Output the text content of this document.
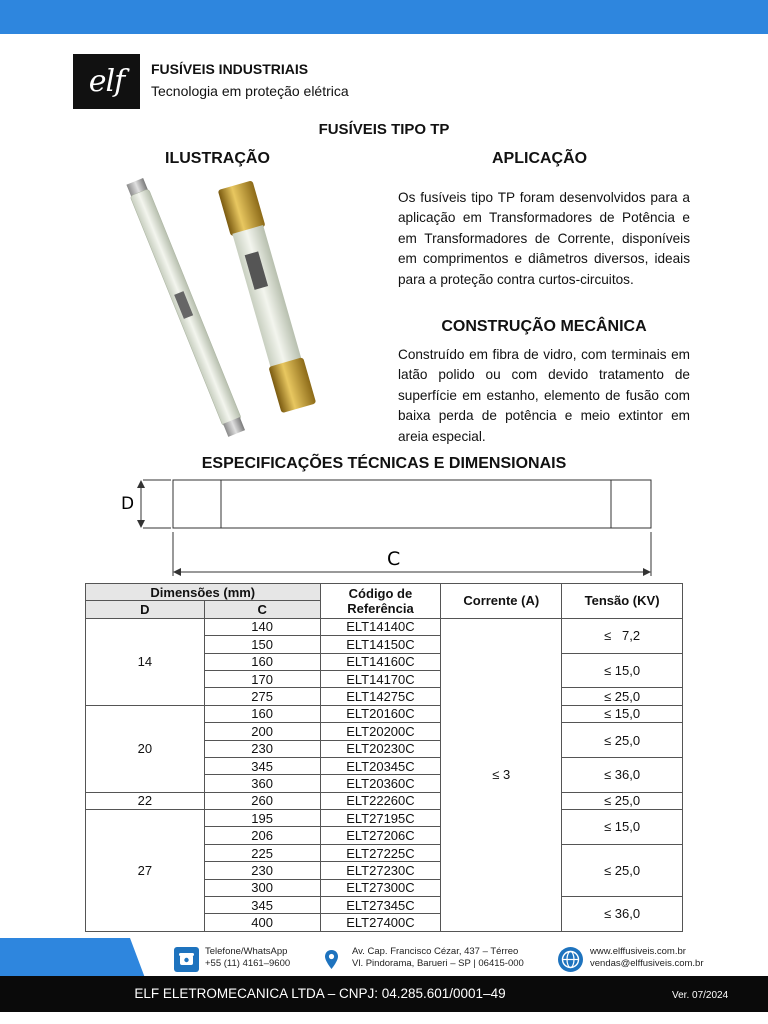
elf	FUSÍVEIS INDUSTRIAIS
Tecnologia em proteção elétrica
FUSÍVEIS TIPO TP
ILUSTRAÇÃO	APLICAÇÃO
Os fusíveis tipo TP foram desenvolvidos para a aplicação em Transformadores de Potência e em Transformadores de Corrente, disponíveis em comprimentos e diâmetros diversos, ideais para a proteção contra curtos-circuitos.
CONSTRUÇÃO MECÂNICA
Construído em fibra de vidro, com terminais em latão polido ou com devido tratamento de superfície em estanho, elemento de fusão com baixa perda de potência e meio extintor em areia especial.
ESPECIFICAÇÕES TÉCNICAS E DIMENSIONAIS
D
C
Dimensões (mm)		Código de Referência	Corrente (A)	Tensão (KV)
D	C			
14	140	ELT14140C	≤ 3	≤   7,2
	150	ELT14150C		
	160	ELT14160C		≤ 15,0
	170	ELT14170C		
	275	ELT14275C		≤ 25,0
20	160	ELT20160C		≤ 15,0
	200	ELT20200C		≤ 25,0
	230	ELT20230C		
	345	ELT20345C		≤ 36,0
	360	ELT20360C		
22	260	ELT22260C		≤ 25,0
27	195	ELT27195C		≤ 15,0
	206	ELT27206C		
	225	ELT27225C		≤ 25,0
	230	ELT27230C		
	300	ELT27300C		
	345	ELT27345C		≤ 36,0
	400	ELT27400C		
Telefone/WhatsApp
+55 (11) 4161–9600
Av. Cap. Francisco Cézar, 437 – Térreo
Vl. Pindorama, Barueri – SP | 06415-000
www.elffusiveis.com.br
vendas@elffusiveis.com.br
ELF ELETROMECANICA LTDA – CNPJ: 04.285.601/0001–49	Ver. 07/2024
